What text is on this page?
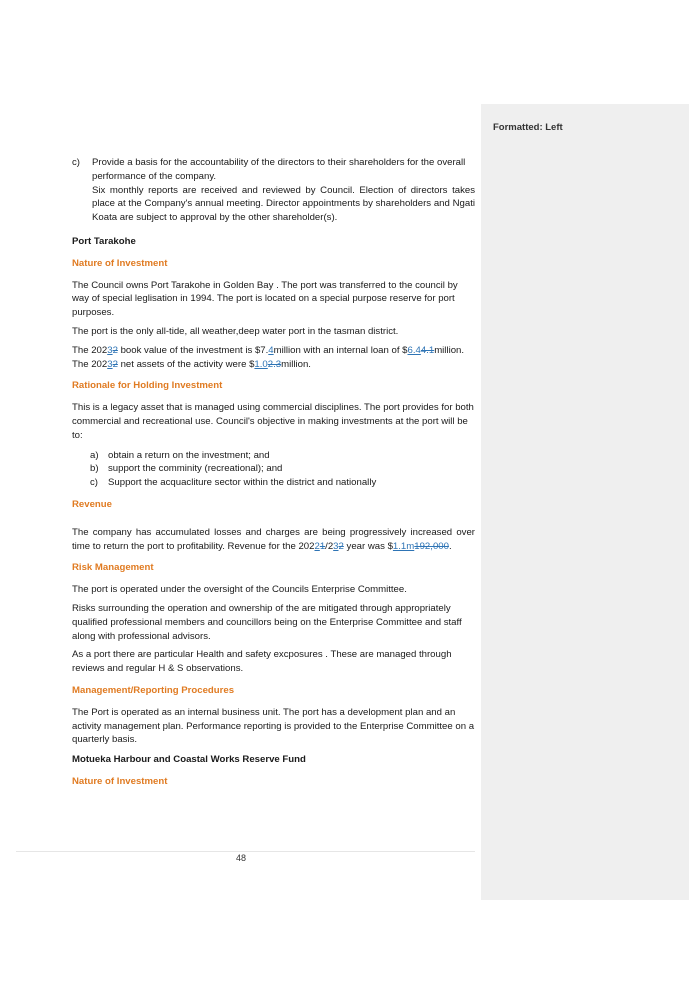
Formatted: Left
c) Provide a basis for the accountability of the directors to their shareholders for the overall performance of the company.
Six monthly reports are received and reviewed by Council. Election of directors takes place at the Company's annual meeting. Director appointments by shareholders and Ngati Koata are subject to approval by the other shareholder(s).
Port Tarakohe
Nature of Investment

The Council owns Port Tarakohe in Golden Bay . The port was transferred to the council by way of special leglisation in 1994. The port is located on a special purpose reserve for port purposes.

The port is the only all-tide, all weather,deep water port in the tasman district.

The 20232 book value of the investment is $7.4million with an internal loan of $6.44.1million. The 20232 net assets of the activity were $1.02.3million.

Rationale for Holding Investment

This is a legacy asset that is managed using commercial disciplines. The port provides for both commercial and recreational use. Council's objective in making investments at the port will be to:

a) obtain a return on the investment; and
b) support the comminity (recreational); and
c) Support the acquacliture sector within the district and nationally
Revenue

The company has accumulated losses and charges are being progressively increased over time to return the port to profitability. Revenue for the 20221/232 year was $1.1m192,000.

Risk Management

The port is operated under the oversight of the Councils Enterprise Committee.

Risks surrounding the operation and ownership of the are mitigated through appropriately qualified professional members and councillors being on the Enterprise Committee and staff along with professional advisors.

As a port there are particular Health and safety excposures . These are managed through reviews and regular H & S observations.

Management/Reporting Procedures

The Port is operated as an internal business unit. The port has a development plan and an activity management plan. Performance reporting is provided to the Enterprise Committee on a quarterly basis.

Motueka Harbour and Coastal Works Reserve Fund
Nature of Investment
48
